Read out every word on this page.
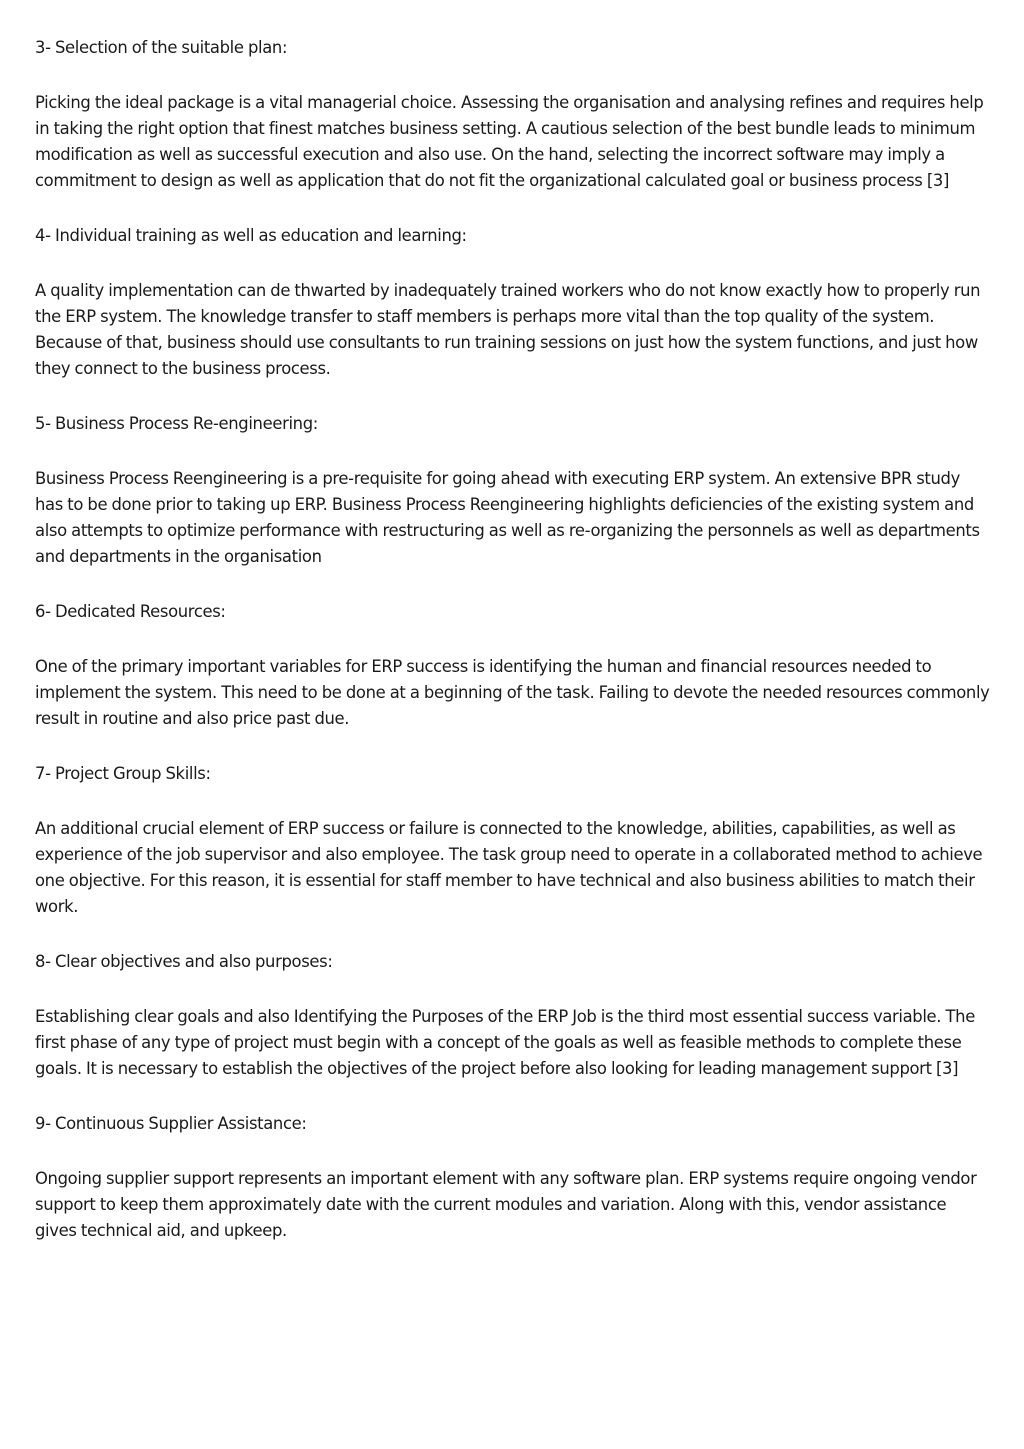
3- Selection of the suitable plan:
Picking the ideal package is a vital managerial choice. Assessing the organisation and analysing refines and requires help in taking the right option that finest matches business setting. A cautious selection of the best bundle leads to minimum modification as well as successful execution and also use. On the hand, selecting the incorrect software may imply a commitment to design as well as application that do not fit the organizational calculated goal or business process [3]
4- Individual training as well as education and learning:
A quality implementation can de thwarted by inadequately trained workers who do not know exactly how to properly run the ERP system. The knowledge transfer to staff members is perhaps more vital than the top quality of the system. Because of that, business should use consultants to run training sessions on just how the system functions, and just how they connect to the business process.
5- Business Process Re-engineering:
Business Process Reengineering is a pre-requisite for going ahead with executing ERP system. An extensive BPR study has to be done prior to taking up ERP. Business Process Reengineering highlights deficiencies of the existing system and also attempts to optimize performance with restructuring as well as re-organizing the personnels as well as departments and departments in the organisation
6- Dedicated Resources:
One of the primary important variables for ERP success is identifying the human and financial resources needed to implement the system. This need to be done at a beginning of the task. Failing to devote the needed resources commonly result in routine and also price past due.
7- Project Group Skills:
An additional crucial element of ERP success or failure is connected to the knowledge, abilities, capabilities, as well as experience of the job supervisor and also employee. The task group need to operate in a collaborated method to achieve one objective. For this reason, it is essential for staff member to have technical and also business abilities to match their work.
8- Clear objectives and also purposes:
Establishing clear goals and also Identifying the Purposes of the ERP Job is the third most essential success variable. The first phase of any type of project must begin with a concept of the goals as well as feasible methods to complete these goals. It is necessary to establish the objectives of the project before also looking for leading management support [3]
9- Continuous Supplier Assistance:
Ongoing supplier support represents an important element with any software plan. ERP systems require ongoing vendor support to keep them approximately date with the current modules and variation. Along with this, vendor assistance gives technical aid, and upkeep.
